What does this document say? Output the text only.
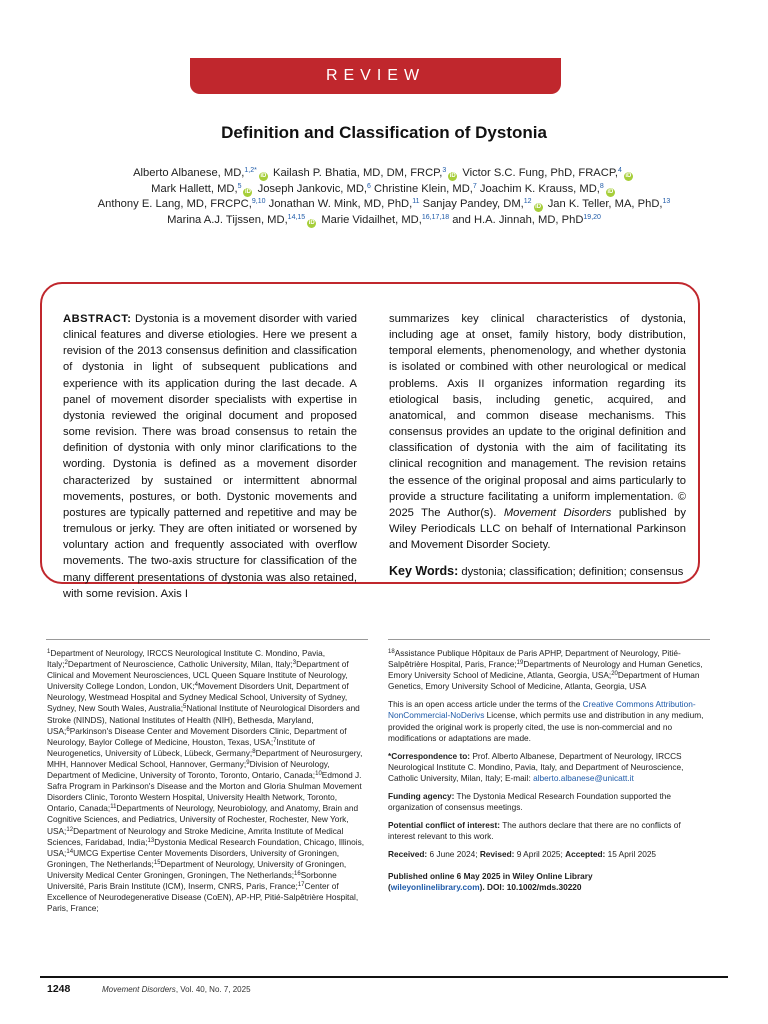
REVIEW
Definition and Classification of Dystonia
Alberto Albanese, MD,$^{1,2*}$iD Kailash P. Bhatia, MD, DM, FRCP,$^3$iD Victor S.C. Fung, PhD, FRACP,$^4$iD
Mark Hallett, MD,$^5$iD Joseph Jankovic, MD,$^6$ Christine Klein, MD,$^7$ Joachim K. Krauss, MD,$^8$iD
Anthony E. Lang, MD, FRCPC,$^{9,10}$ Jonathan W. Mink, MD, PhD,$^{11}$ Sanjay Pandey, DM,$^{12}$iD Jan K. Teller, MA, PhD,$^{13}$
Marina A.J. Tijssen, MD,$^{14,15}$iD Marie Vidailhet, MD,$^{16,17,18}$ and H.A. Jinnah, MD, PhD$^{19,20}$
ABSTRACT: Dystonia is a movement disorder with varied clinical features and diverse etiologies. Here we present a revision of the 2013 consensus definition and classification of dystonia in light of subsequent publications and experience with its application during the last decade. A panel of movement disorder specialists with expertise in dystonia reviewed the original document and proposed some revision. There was broad consensus to retain the definition of dystonia with only minor clarifications to the wording. Dystonia is defined as a movement disorder characterized by sustained or intermittent abnormal movements, postures, or both. Dystonic movements and postures are typically patterned and repetitive and may be tremulous or jerky. They are often initiated or worsened by voluntary action and frequently associated with overflow movements. The two-axis structure for classification of the many different presentations of dystonia was also retained, with some revision. Axis I
summarizes key clinical characteristics of dystonia, including age at onset, family history, body distribution, temporal elements, phenomenology, and whether dystonia is isolated or combined with other neurological or medical problems. Axis II organizes information regarding its etiological basis, including genetic, acquired, and anatomical, and common disease mechanisms. This consensus provides an update to the original definition and classification of dystonia with the aim of facilitating its clinical recognition and management. The revision retains the essence of the original proposal and aims particularly to provide a structure facilitating a uniform implementation. © 2025 The Author(s). Movement Disorders published by Wiley Periodicals LLC on behalf of International Parkinson and Movement Disorder Society.
Key Words: dystonia; classification; definition; consensus
$^1$Department of Neurology, IRCCS Neurological Institute C. Mondino, Pavia, Italy;$^2$Department of Neuroscience, Catholic University, Milan, Italy;$^3$Department of Clinical and Movement Neurosciences, UCL Queen Square Institute of Neurology, University College London, London, UK;$^4$Movement Disorders Unit, Department of Neurology, Westmead Hospital and Sydney Medical School, University of Sydney, Sydney, New South Wales, Australia;$^5$National Institute of Neurological Disorders and Stroke (NINDS), National Institutes of Health (NIH), Bethesda, Maryland, USA;$^6$Parkinson's Disease Center and Movement Disorders Clinic, Department of Neurology, Baylor College of Medicine, Houston, Texas, USA;$^7$Institute of Neurogenetics, University of Lübeck, Lübeck, Germany;$^8$Department of Neurosurgery, MHH, Hannover Medical School, Hannover, Germany;$^9$Division of Neurology, Department of Medicine, University of Toronto, Toronto, Ontario, Canada;$^{10}$Edmond J. Safra Program in Parkinson's Disease and the Morton and Gloria Shulman Movement Disorders Clinic, Toronto Western Hospital, University Health Network, Toronto, Ontario, Canada;$^{11}$Departments of Neurology, Neurobiology, and Anatomy, Brain and Cognitive Sciences, and Pediatrics, University of Rochester, Rochester, New York, USA;$^{12}$Department of Neurology and Stroke Medicine, Amrita Institute of Medical Sciences, Faridabad, India;$^{13}$Dystonia Medical Research Foundation, Chicago, Illinois, USA;$^{14}$UMCG Expertise Center Movements Disorders, University of Groningen, Groningen, The Netherlands;$^{15}$Department of Neurology, University of Groningen, University Medical Center Groningen, Groningen, The Netherlands;$^{16}$Sorbonne Université, Paris Brain Institute (ICM), Inserm, CNRS, Paris, France;$^{17}$Center of Excellence of Neurodegenerative Disease (CoEN), AP-HP, Pitié-Salpêtrière Hospital, Paris, France;

$^{18}$Assistance Publique Hôpitaux de Paris APHP, Department of Neurology, Pitié-Salpêtrière Hospital, Paris, France;$^{19}$Departments of Neurology and Human Genetics, Emory University School of Medicine, Atlanta, Georgia, USA;$^{20}$Department of Human Genetics, Emory University School of Medicine, Atlanta, Georgia, USA

This is an open access article under the terms of the Creative Commons Attribution-NonCommercial-NoDerivs License, which permits use and distribution in any medium, provided the original work is properly cited, the use is non-commercial and no modifications or adaptations are made.

*Correspondence to: Prof. Alberto Albanese, Department of Neurology, IRCCS Neurological Institute C. Mondino, Pavia, Italy, and Department of Neuroscience, Catholic University, Milan, Italy; E-mail: alberto.albanese@unicatt.it

Funding agency: The Dystonia Medical Research Foundation supported the organization of consensus meetings.

Potential conflict of interest: The authors declare that there are no conflicts of interest relevant to this work.

Received: 6 June 2024; Revised: 9 April 2025; Accepted: 15 April 2025

Published online 6 May 2025 in Wiley Online Library
(wileyonlinelibrary.com). DOI: 10.1002/mds.30220

1248	Movement Disorders, Vol. 40, No. 7, 2025
